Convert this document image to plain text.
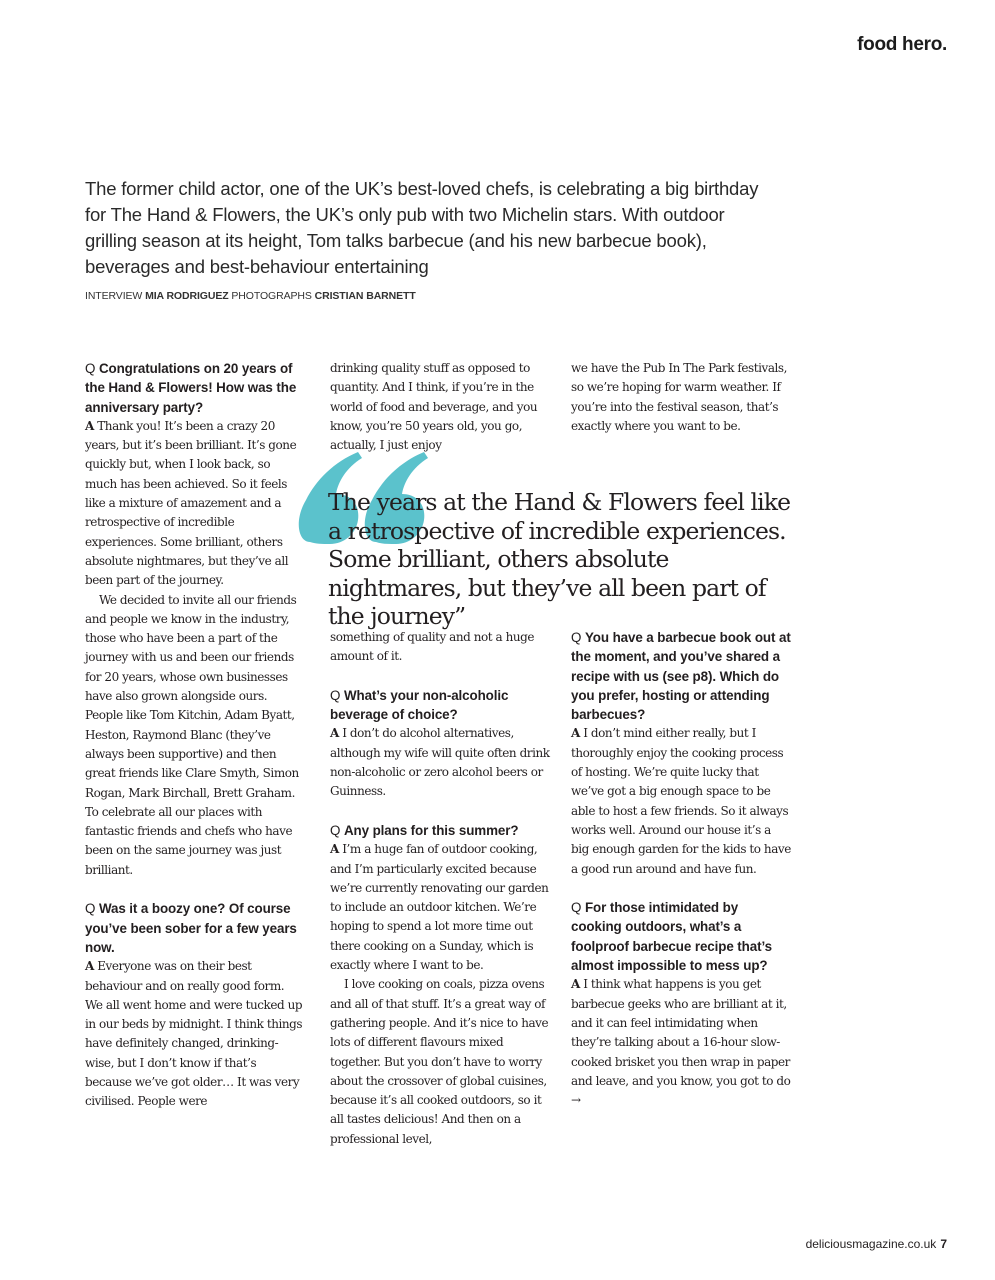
food hero.

The former child actor, one of the UK’s best-loved chefs, is celebrating a big birthday for The Hand & Flowers, the UK’s only pub with two Michelin stars. With outdoor grilling season at its height, Tom talks barbecue (and his new barbecue book), beverages and best-behaviour entertaining

INTERVIEW MIA RODRIGUEZ PHOTOGRAPHS CRISTIAN BARNETT

Q Congratulations on 20 years of the Hand & Flowers! How was the anniversary party?

A Thank you! It’s been a crazy 20 years, but it’s been brilliant. It’s gone quickly but, when I look back, so much has been achieved. So it feels like a mixture of amazement and a retrospective of incredible experiences. Some brilliant, others absolute nightmares, but they’ve all been part of the journey.

We decided to invite all our friends and people we know in the industry, those who have been a part of the journey with us and been our friends for 20 years, whose own businesses have also grown alongside ours. People like Tom Kitchin, Adam Byatt, Heston, Raymond Blanc (they’ve always been supportive) and then great friends like Clare Smyth, Simon Rogan, Mark Birchall, Brett Graham. To celebrate all our places with fantastic friends and chefs who have been on the same journey was just brilliant.

Q Was it a boozy one? Of course you’ve been sober for a few years now.

A Everyone was on their best behaviour and on really good form. We all went home and were tucked up in our beds by midnight. I think things have definitely changed, drinking-wise, but I don’t know if that’s because we’ve got older… It was very civilised. People were

drinking quality stuff as opposed to quantity. And I think, if you’re in the world of food and beverage, and you know, you’re 50 years old, you go, actually, I just enjoy

we have the Pub In The Park festivals, so we’re hoping for warm weather. If you’re into the festival season, that’s exactly where you want to be.

The years at the Hand & Flowers feel like a retrospective of incredible experiences. Some brilliant, others absolute nightmares, but they’ve all been part of the journey”

something of quality and not a huge amount of it.

Q What’s your non-alcoholic beverage of choice?

A I don’t do alcohol alternatives, although my wife will quite often drink non-alcoholic or zero alcohol beers or Guinness.

Q Any plans for this summer?

A I’m a huge fan of outdoor cooking, and I’m particularly excited because we’re currently renovating our garden to include an outdoor kitchen. We’re hoping to spend a lot more time out there cooking on a Sunday, which is exactly where I want to be.

I love cooking on coals, pizza ovens and all of that stuff. It’s a great way of gathering people. And it’s nice to have lots of different flavours mixed together. But you don’t have to worry about the crossover of global cuisines, because it’s all cooked outdoors, so it all tastes delicious! And then on a professional level,

Q You have a barbecue book out at the moment, and you’ve shared a recipe with us (see p8). Which do you prefer, hosting or attending barbecues?

A I don’t mind either really, but I thoroughly enjoy the cooking process of hosting. We’re quite lucky that we’ve got a big enough space to be able to host a few friends. So it always works well. Around our house it’s a big enough garden for the kids to have a good run around and have fun.

Q For those intimidated by cooking outdoors, what’s a foolproof barbecue recipe that’s almost impossible to mess up?

A I think what happens is you get barbecue geeks who are brilliant at it, and it can feel intimidating when they’re talking about a 16-hour slow-cooked brisket you then wrap in paper and leave, and you know, you got to do →

deliciousmagazine.co.uk 7
